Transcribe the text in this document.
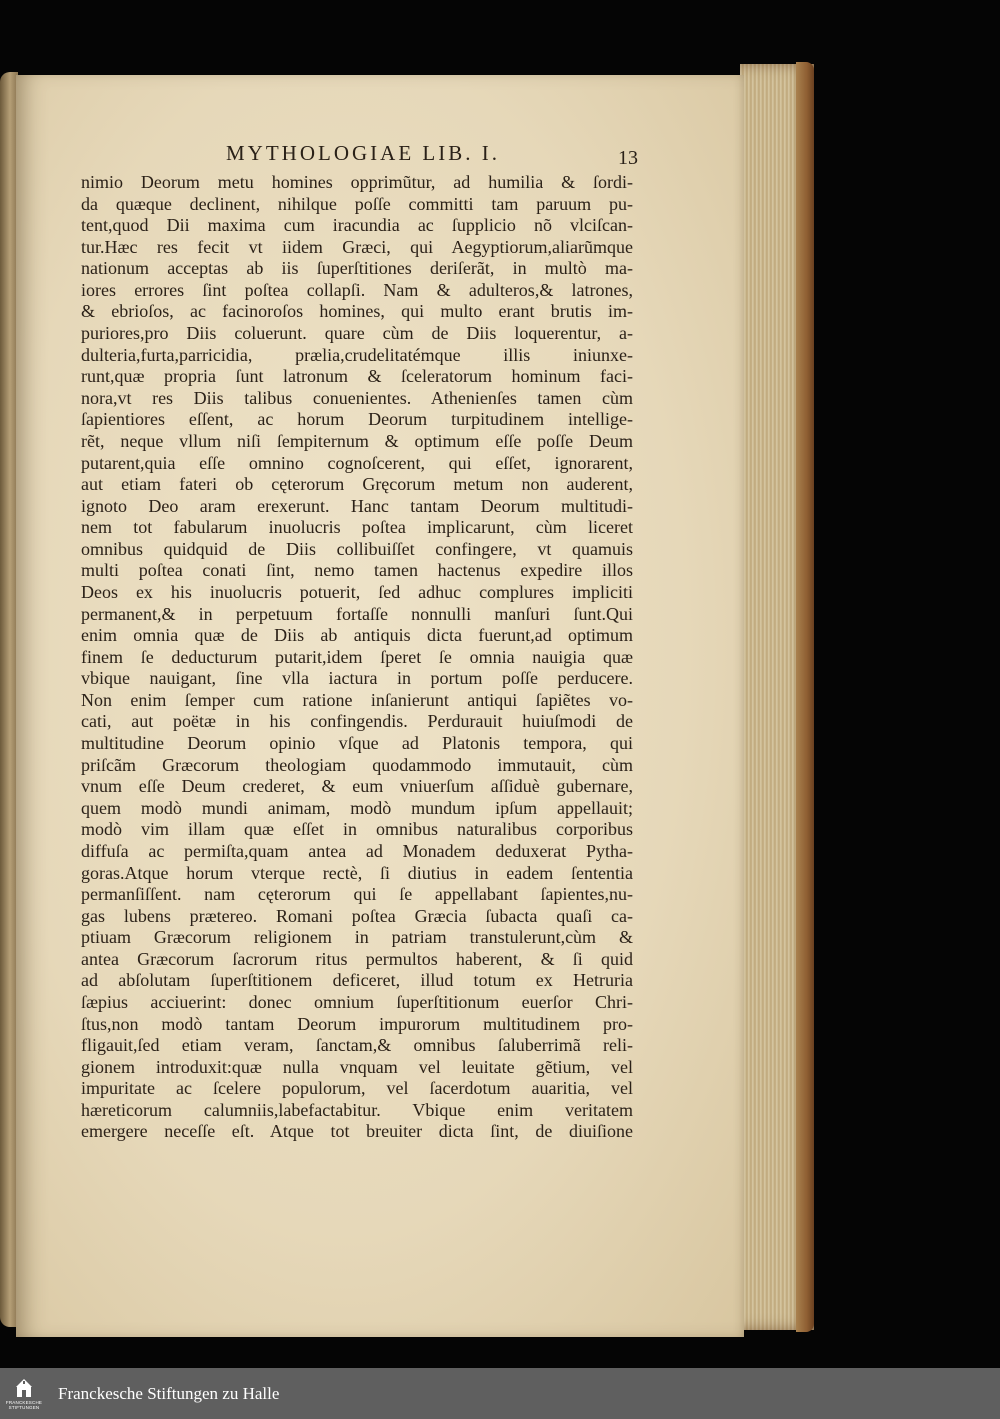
MYTHOLOGIAE LIB. I.	13
nimio Deorum metu homines opprimũtur, ad humilia & ſordi-
da quæque declinent, nihilque poſſe committi tam paruum pu-
tent,quod Dii maxima cum iracundia ac ſupplicio nõ vlciſcan-
tur.Hæc res fecit vt iidem Græci, qui Aegyptiorum,aliarũmque
nationum acceptas ab iis ſuperſtitiones deriſerãt, in multò ma-
iores errores ſint poſtea collapſi. Nam & adulteros,& latrones,
& ebrioſos, ac facinoroſos homines, qui multo erant brutis im-
puriores,pro Diis coluerunt. quare cùm de Diis loquerentur, a-
dulteria,furta,parricidia, prælia,crudelitatémque illis iniunxe-
runt,quæ propria ſunt latronum & ſceleratorum hominum faci-
nora,vt res Diis talibus conuenientes. Athenienſes tamen cùm
ſapientiores eſſent, ac horum Deorum turpitudinem intellige-
rẽt, neque vllum niſi ſempiternum & optimum eſſe poſſe Deum
putarent,quia eſſe omnino cognoſcerent, qui eſſet, ignorarent,
aut etiam fateri ob cęterorum Gręcorum metum non auderent,
ignoto Deo aram erexerunt. Hanc tantam Deorum multitudi-
nem tot fabularum inuolucris poſtea implicarunt, cùm liceret
omnibus quidquid de Diis collibuiſſet confingere, vt quamuis
multi poſtea conati ſint, nemo tamen hactenus expedire illos
Deos ex his inuolucris potuerit, ſed adhuc complures impliciti
permanent,& in perpetuum fortaſſe nonnulli manſuri ſunt.Qui
enim omnia quæ de Diis ab antiquis dicta fuerunt,ad optimum
finem ſe deducturum putarit,idem ſperet ſe omnia nauigia quæ
vbique nauigant, ſine vlla iactura in portum poſſe perducere.
Non enim ſemper cum ratione inſanierunt antiqui ſapiẽtes vo-
cati, aut poëtæ in his confingendis. Perdurauit huiuſmodi de
multitudine Deorum opinio vſque ad Platonis tempora, qui
priſcãm Græcorum theologiam quodammodo immutauit, cùm
vnum eſſe Deum crederet, & eum vniuerſum aſſiduè gubernare,
quem modò mundi animam, modò mundum ipſum appellauit;
modò vim illam quæ eſſet in omnibus naturalibus corporibus
diffuſa ac permiſta,quam antea ad Monadem deduxerat Pytha-
goras.Atque horum vterque rectè, ſi diutius in eadem ſententia
permanſiſſent. nam cęterorum qui ſe appellabant ſapientes,nu-
gas lubens prætereo. Romani poſtea Græcia ſubacta quaſi ca-
ptiuam Græcorum religionem in patriam transtulerunt,cùm &
antea Græcorum ſacrorum ritus permultos haberent, & ſi quid
ad abſolutam ſuperſtitionem deficeret, illud totum ex Hetruria
ſæpius acciuerint: donec omnium ſuperſtitionum euerſor Chri-
ſtus,non modò tantam Deorum impurorum multitudinem pro-
fligauit,ſed etiam veram, ſanctam,& omnibus ſaluberrimã reli-
gionem introduxit:quæ nulla vnquam vel leuitate gẽtium, vel
impuritate ac ſcelere populorum, vel ſacerdotum auaritia, vel
hæreticorum calumniis,labefactabitur. Vbique enim veritatem
emergere neceſſe eſt. Atque tot breuiter dicta ſint, de diuiſione
FRANCKESCHE
STIFTUNGEN
Franckesche Stiftungen zu Halle
